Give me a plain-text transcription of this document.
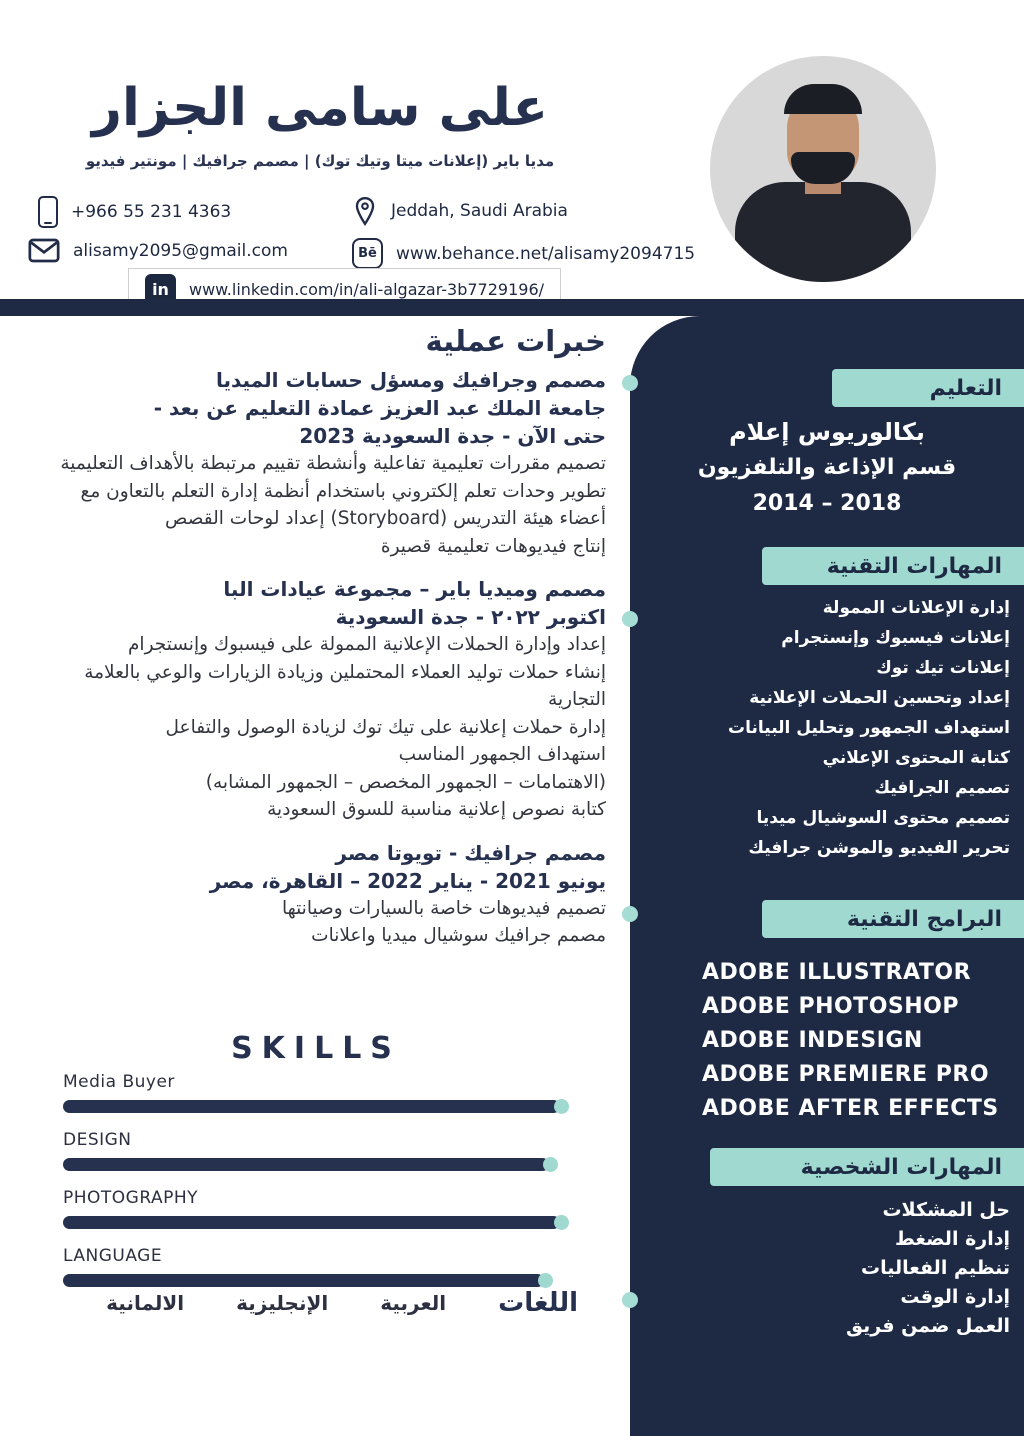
على سامى الجزار
مديا باير (إعلانات ميتا وتيك توك) | مصمم جرافيك | مونتير فيديو
+966 55 231 4363	Jeddah, Saudi Arabia
alisamy2095@gmail.com	Bē	www.behance.net/alisamy2094715
in	www.linkedin.com/in/ali-algazar-3b7729196/
خبرات عملية
مصمم وجرافيك ومسؤل حسابات الميديا
جامعة الملك عبد العزيز عمادة التعليم عن بعد -
حتى الآن - جدة السعودية 2023
تصميم مقررات تعليمية تفاعلية وأنشطة تقييم مرتبطة بالأهداف التعليمية
تطوير وحدات تعلم إلكتروني باستخدام أنظمة إدارة التعلم بالتعاون مع أعضاء هيئة التدريس (Storyboard) إعداد لوحات القصص
إنتاج فيديوهات تعليمية قصيرة
مصمم وميديا باير – مجموعة عيادات البا
اكتوبر ٢٠٢٢ - جدة السعودية
إعداد وإدارة الحملات الإعلانية الممولة على فيسبوك وإنستجرام
إنشاء حملات توليد العملاء المحتملين وزيادة الزيارات والوعي بالعلامة التجارية
إدارة حملات إعلانية على تيك توك لزيادة الوصول والتفاعل
استهداف الجمهور المناسب
(الاهتمامات – الجمهور المخصص – الجمهور المشابه)
كتابة نصوص إعلانية مناسبة للسوق السعودية
مصمم جرافيك - تويوتا مصر
يونيو 2021 - يناير 2022 – القاهرة، مصر
تصميم فيديوهات خاصة بالسيارات وصيانتها
مصمم جرافيك سوشيال ميديا واعلانات
SKILLS
Media Buyer
DESIGN
PHOTOGRAPHY
LANGUAGE
اللغات
العربية
الإنجليزية
الالمانية
التعليم
بكالوريوس إعلام
قسم الإذاعة والتلفزيون
2014 – 2018
المهارات التقنية
إدارة الإعلانات الممولة
إعلانات فيسبوك وإنستجرام
إعلانات تيك توك
إعداد وتحسين الحملات الإعلانية
استهداف الجمهور وتحليل البيانات
كتابة المحتوى الإعلاني
تصميم الجرافيك
تصميم محتوى السوشيال ميديا
تحرير الفيديو والموشن جرافيك
البرامج التقنية
ADOBE ILLUSTRATOR
ADOBE PHOTOSHOP
ADOBE INDESIGN
ADOBE PREMIERE PRO
ADOBE AFTER EFFECTS
المهارات الشخصية
حل المشكلات
إدارة الضغط
تنظيم الفعاليات
إدارة الوقت
العمل ضمن فريق
